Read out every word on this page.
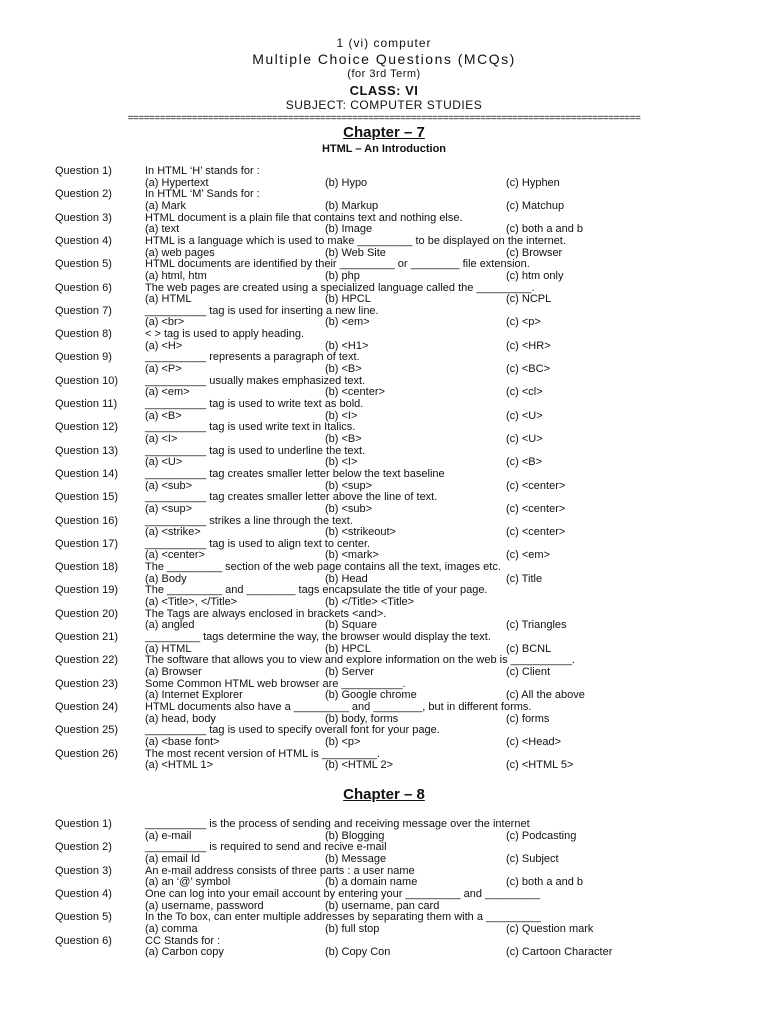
1 (vi) computer
Multiple Choice Questions (MCQs)
(for 3rd Term)
CLASS: VI
SUBJECT: COMPUTER STUDIES
================================================================================================
Chapter – 7
HTML – An Introduction
Question 1)	In HTML ‘H’ stands for :
(a) Hypertext	(b) Hypo	(c) Hyphen
Question 2)	In HTML ‘M’ Sands for :
(a) Mark	(b) Markup	(c) Matchup
Question 3)	HTML document is a plain file that contains text and nothing else.
(a) text	(b) Image	(c) both a and b
Question 4)	HTML is a language which is used to make _________ to be displayed on the internet.
(a) web pages	(b) Web Site	(c) Browser
Question 5)	HTML documents are identified by their _________ or ________ file extension.
(a) html, htm	(b) php	(c) htm only
Question 6)	The web pages are created using a specialized language called the _________.
(a) HTML	(b) HPCL	(c) NCPL
Question 7)	__________ tag is used for inserting a new line.
(a) <br>	(b) <em>	(c) <p>
Question 8)	< > tag is used to apply heading.
(a) <H>	(b) <H1>	(c) <HR>
Question 9)	__________ represents a paragraph of text.
(a) <P>	(b) <B>	(c) <BC>
Question 10) __________ usually makes emphasized text.
(a) <em>	(b) <center>	(c) <cl>
Question 11)	__________ tag is used to write text as bold.
(a) <B>	(b) <I>	(c) <U>
Question 12) __________ tag is used write text in Italics.
(a) <I>	(b) <B>	(c) <U>
Question 13) __________ tag is used to underline the text.
(a) <U>	(b) <I>	(c) <B>
Question 14) __________ tag creates smaller letter below the text baseline
(a) <sub>	(b) <sup>	(c) <center>
Question 15) __________ tag creates smaller letter above the line of text.
(a) <sup>	(b) <sub>	(c) <center>
Question 16) __________ strikes a line through the text.
(a) <strike>	(b) <strikeout>	(c) <center>
Question 17) __________ tag is used to align text to center.
(a) <center>	(b) <mark>	(c) <em>
Question 18) The _________ section of the web page contains all the text, images etc.
(a) Body	(b) Head	(c) Title
Question 19) The _________ and ________ tags encapsulate the title of your page.
(a) <Title>, </Title>	(b) </Title> <Title>
Question 20) The Tags are always enclosed in brackets <and>.
(a) angled	(b) Square	(c) Triangles
Question 21) _________ tags determine the way, the browser would display the text.
(a) HTML	(b) HPCL	(c) BCNL
Question 22) The software that allows you to view and explore information on the web is __________.
(a) Browser	(b) Server	(c) Client
Question 23) Some Common HTML web browser are __________.
(a) Internet Explorer	(b) Google chrome	(c) All the above
Question 24) HTML documents also have a _________ and ________, but in different forms.
(a) head, body	(b) body, forms	(c) forms
Question 25) __________ tag is used to specify overall font for your page.
(a) <base font>	(b) <p>	(c) <Head>
Question 26) The most recent version of HTML is _________.
(a) <HTML 1>	(b) <HTML 2>	(c) <HTML 5>
Chapter – 8
Question 1)	__________ is the process of sending and receiving message over the internet
(a) e-mail	(b) Blogging	(c) Podcasting
Question 2)	__________ is required to send and recive e-mail
(a) email Id	(b) Message	(c) Subject
Question 3)	An e-mail address consists of three parts : a user name
(a) an ‘@’ symbol	(b) a domain name	(c) both a and b
Question 4)	One can log into your email account by entering your _________ and _________
(a) username, password	(b) username, pan card
Question 5)	In the To box, can enter multiple addresses by separating them with a _________
(a) comma	(b) full stop	(c) Question mark
Question 6)	CC Stands for :
(a) Carbon copy	(b) Copy Con	(c) Cartoon Character
